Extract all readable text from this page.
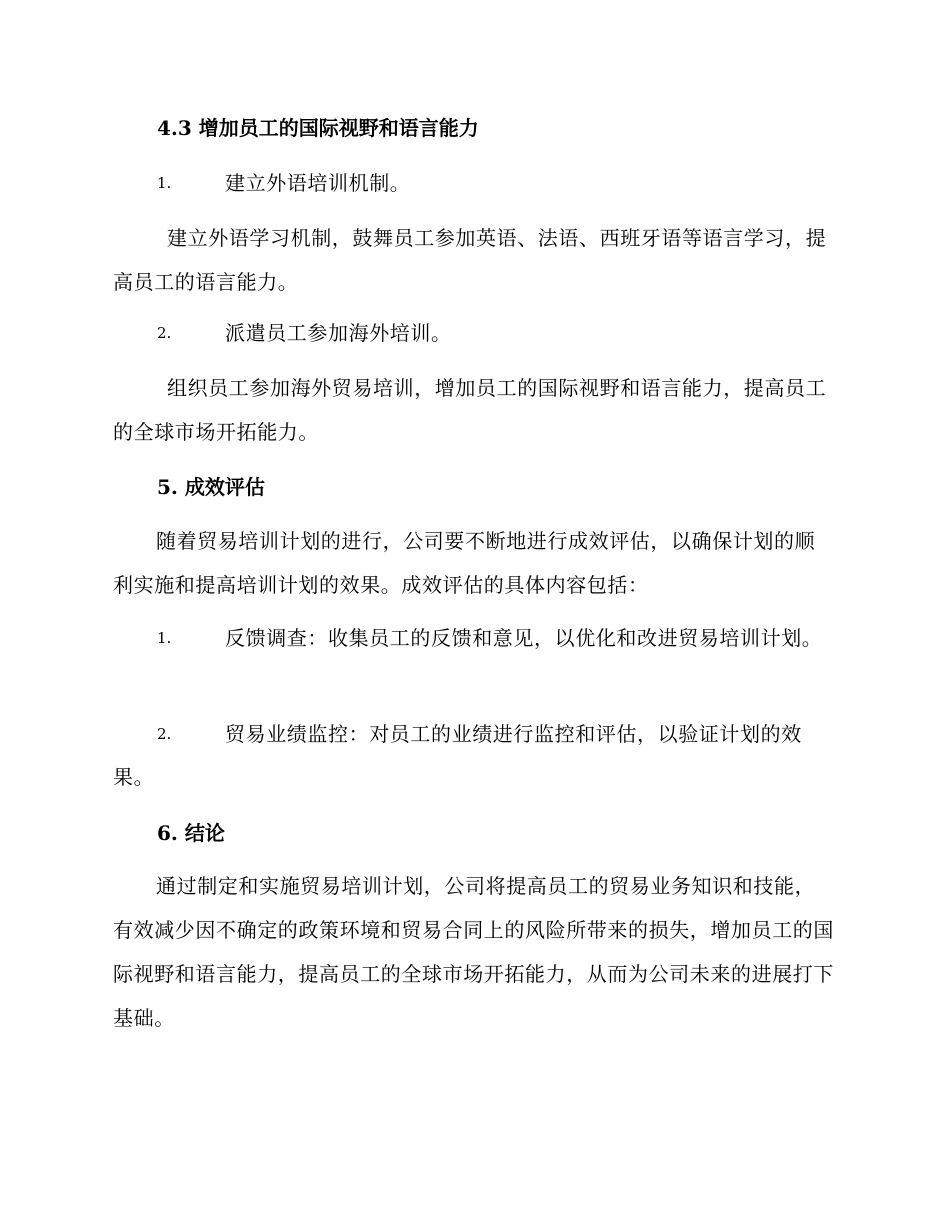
4.3 增加员工的国际视野和语言能力
1.	建立外语培训机制。
建立外语学习机制，鼓舞员工参加英语、法语、西班牙语等语言学习，提高员工的语言能力。
2.	派遣员工参加海外培训。
组织员工参加海外贸易培训，增加员工的国际视野和语言能力，提高员工的全球市场开拓能力。
5. 成效评估
随着贸易培训计划的进行，公司要不断地进行成效评估，以确保计划的顺利实施和提高培训计划的效果。成效评估的具体内容包括：
1.	反馈调查：收集员工的反馈和意见，以优化和改进贸易培训计划。
2.	贸易业绩监控：对员工的业绩进行监控和评估，以验证计划的效果。
6. 结论
通过制定和实施贸易培训计划，公司将提高员工的贸易业务知识和技能，有效减少因不确定的政策环境和贸易合同上的风险所带来的损失，增加员工的国际视野和语言能力，提高员工的全球市场开拓能力，从而为公司未来的进展打下基础。
